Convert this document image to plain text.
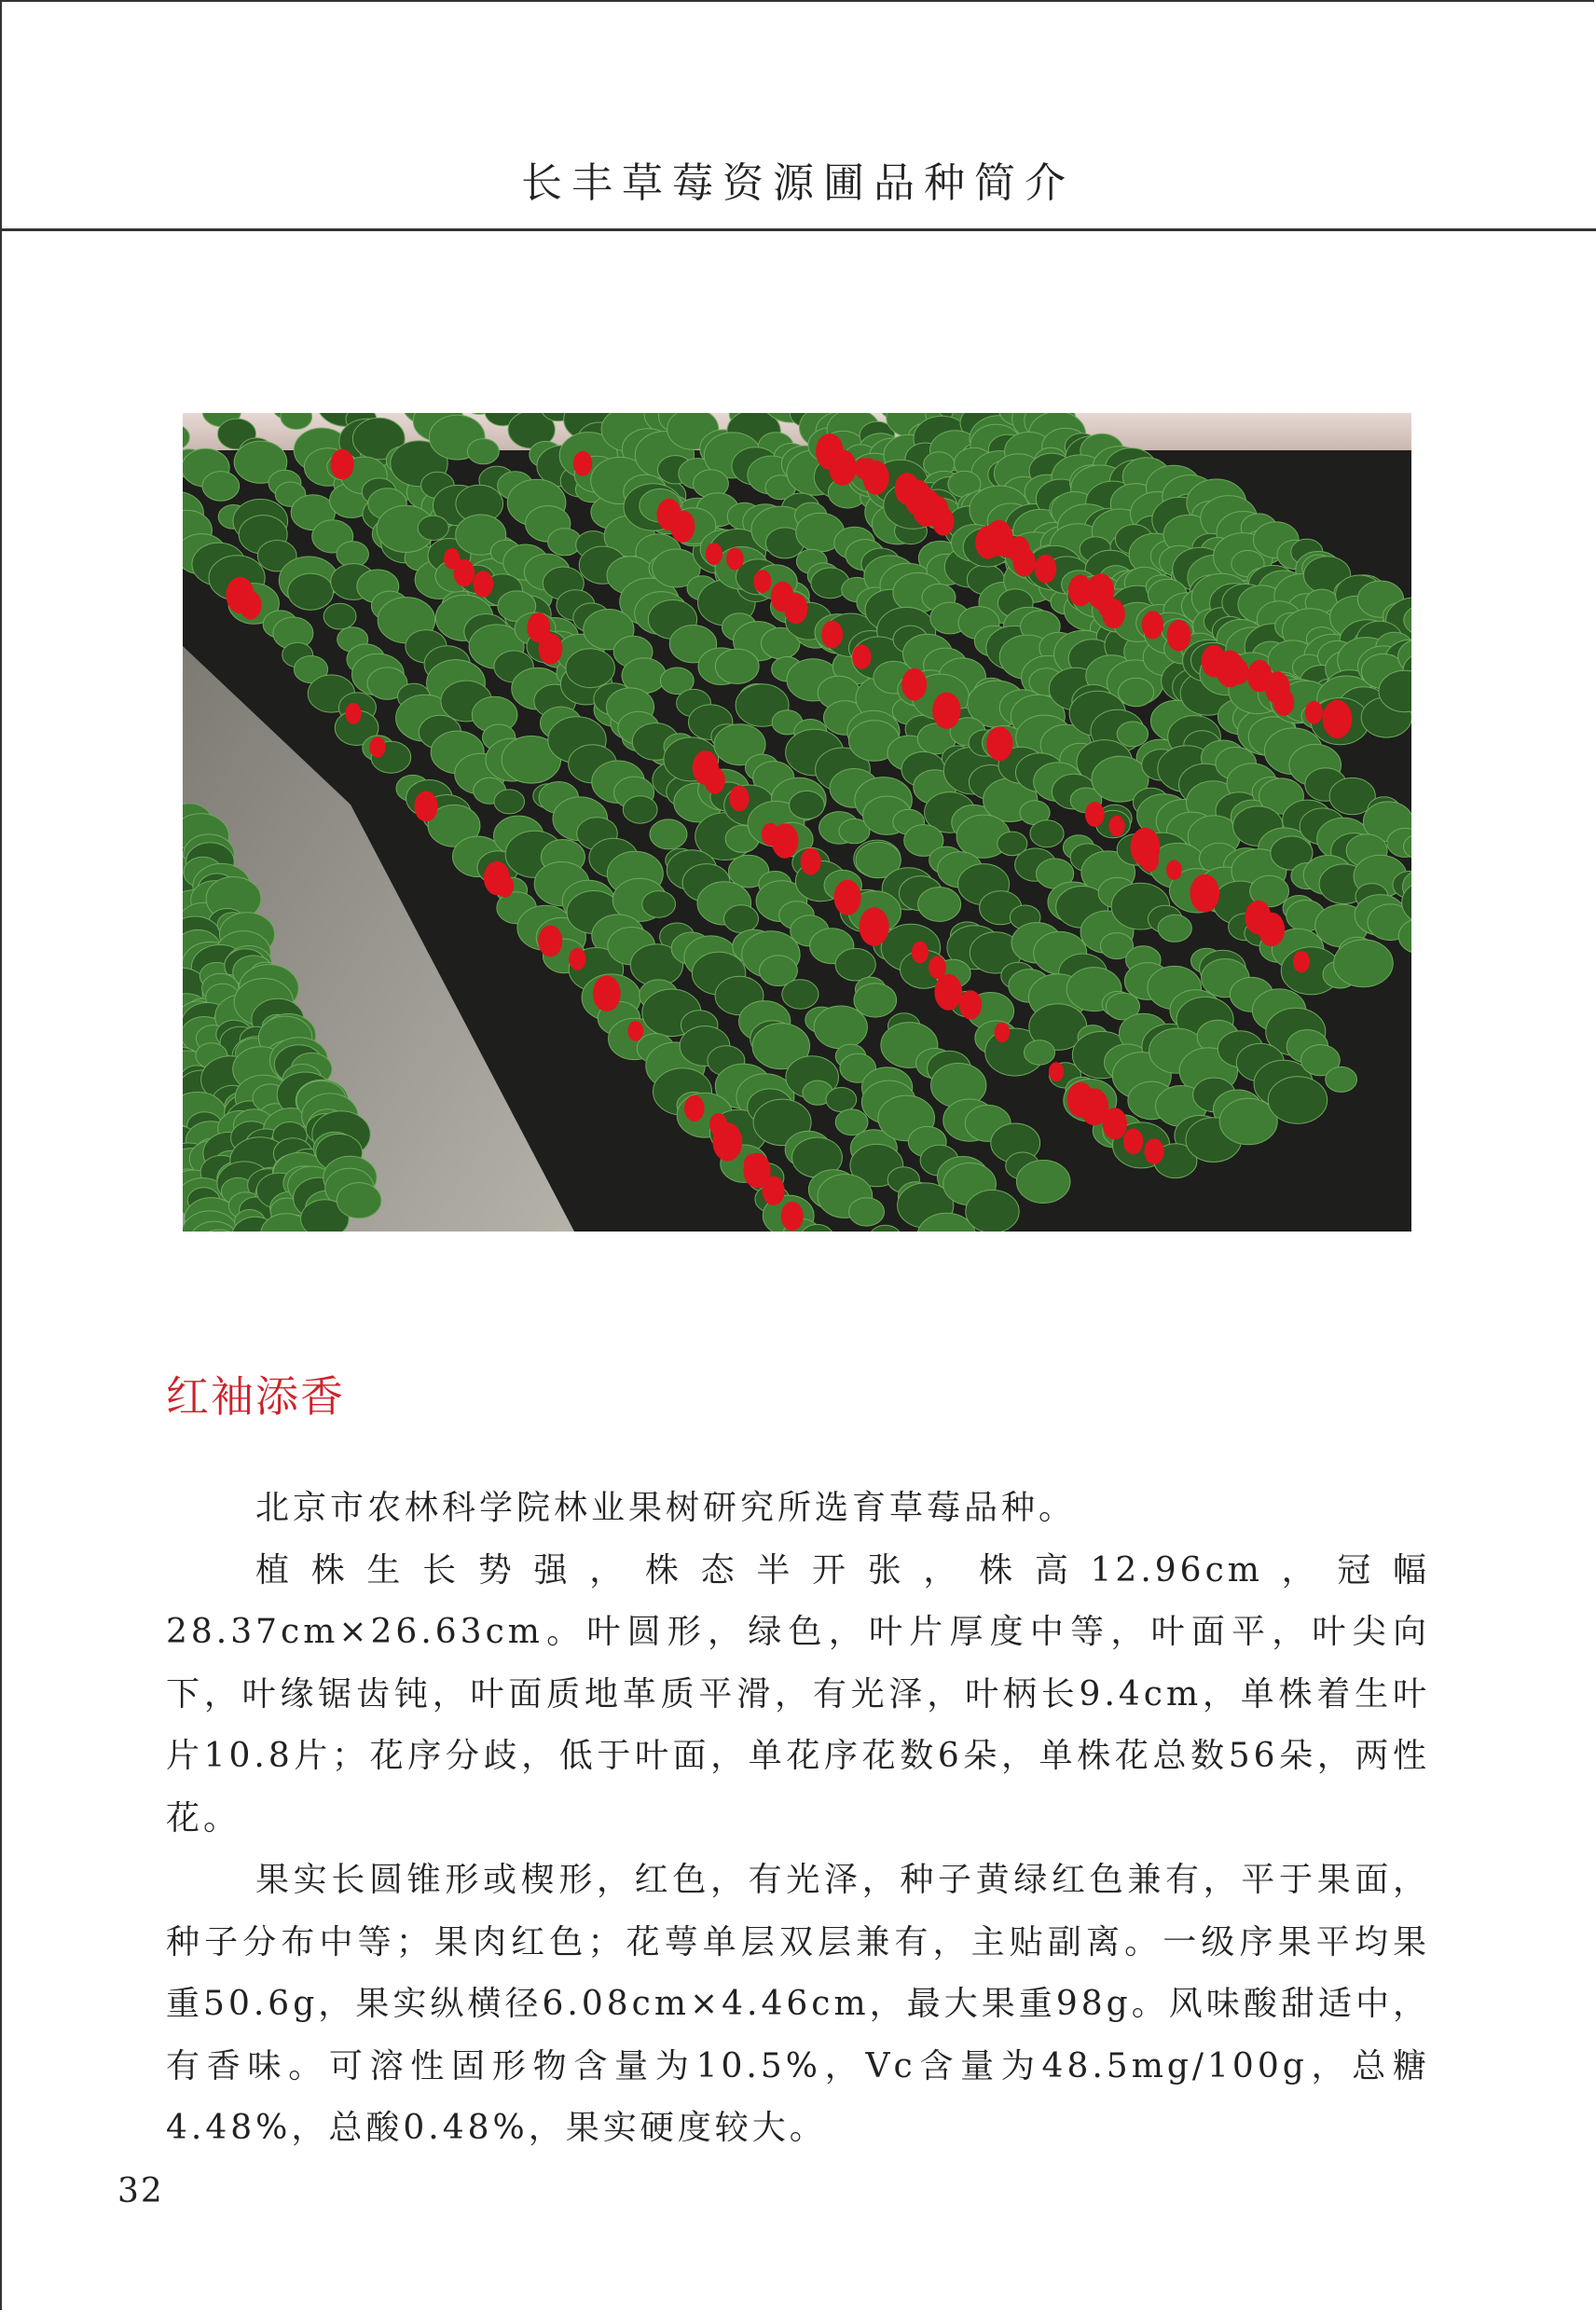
长丰草莓资源圃品种简介
红袖添香

北京市农林科学院林业果树研究所选育草莓品种。

植株生长势强，株态半开张，株高12.96cm，冠幅28.37cm×26.63cm。叶圆形，绿色，叶片厚度中等，叶面平，叶尖向下，叶缘锯齿钝，叶面质地革质平滑，有光泽，叶柄长9.4cm，单株着生叶片10.8片；花序分歧，低于叶面，单花序花数6朵，单株花总数56朵，两性花。

果实长圆锥形或楔形，红色，有光泽，种子黄绿红色兼有，平于果面，种子分布中等；果肉红色；花萼单层双层兼有，主贴副离。一级序果平均果重50.6g，果实纵横径6.08cm×4.46cm，最大果重98g。风味酸甜适中，有香味。可溶性固形物含量为10.5%，Vc含量为48.5mg/100g，总糖4.48%，总酸0.48%，果实硬度较大。

32
